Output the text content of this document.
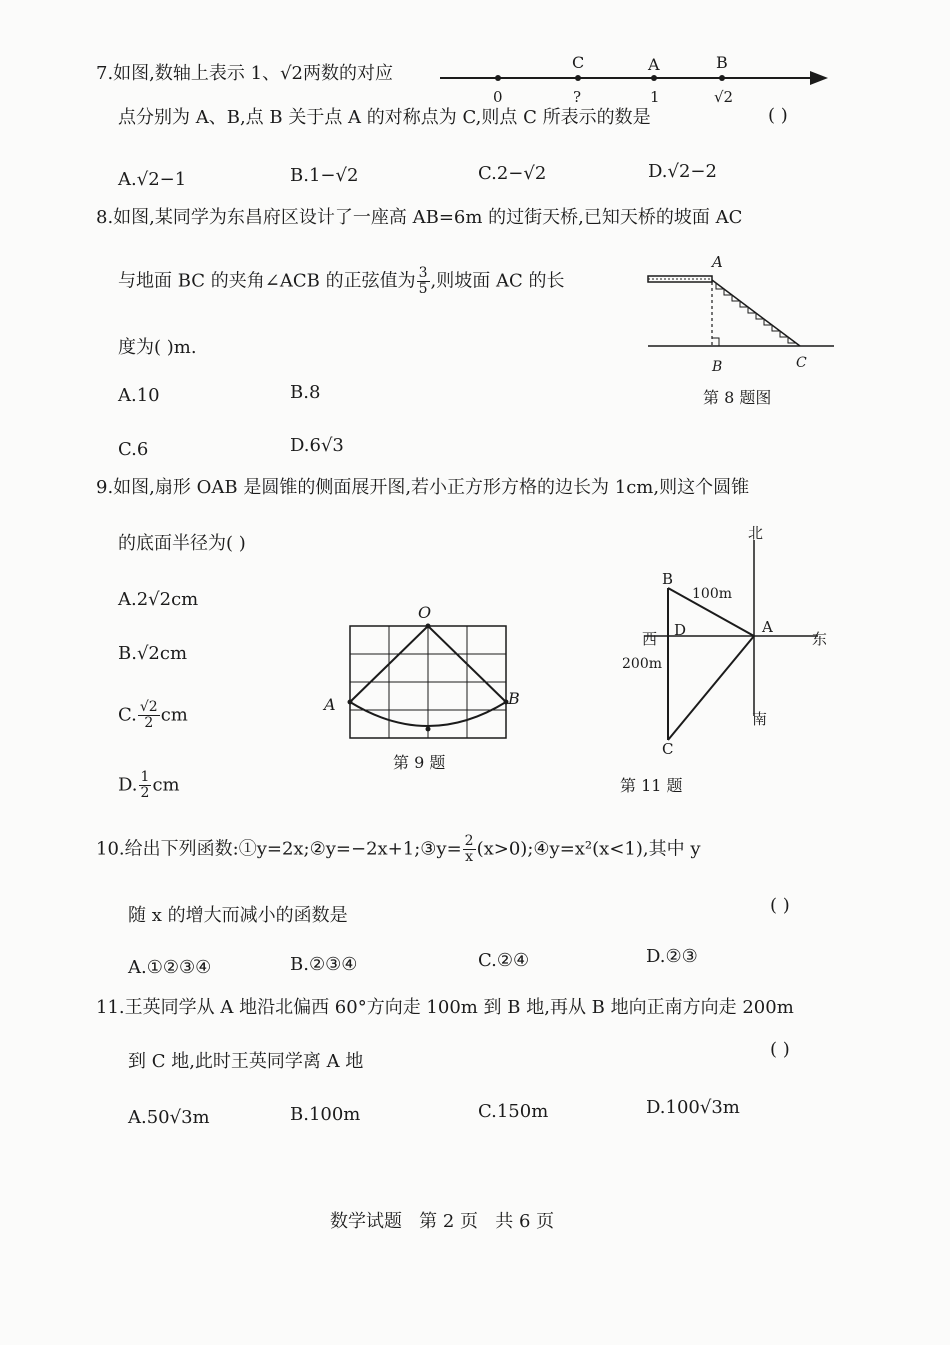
7.如图,数轴上表示 1、√2两数的对应
C	A	B
0	?	1	√2
点分别为 A、B,点 B 关于点 A 的对称点为 C,则点 C 所表示的数是	( )
A.√2−1	B.1−√2	C.2−√2	D.√2−2
8.如图,某同学为东昌府区设计了一座高 AB=6m 的过街天桥,已知天桥的坡面 AC
与地面 BC 的夹角∠ACB 的正弦值为 $\frac{3}{5}$ ,则坡面 AC 的长
度为( )m.
A.10	B.8
C.6	D.6√3
A
B	C
第 8 题图
9.如图,扇形 OAB 是圆锥的侧面展开图,若小正方形方格的边长为 1cm,则这个圆锥
的底面半径为( )
A.2√2cm
B.√2cm
C. $\frac{√2}{2}$ cm
D. $\frac{1}{2}$ cm
O
A	B
第 9 题
北
南
西	东
A
B
C
D
100m
200m
第 11 题
10.给出下列函数:①y=2x;②y=−2x+1;③y= $\frac{2}{x}$ (x>0);④y=x²(x<1),其中 y
随 x 的增大而减小的函数是	( )
A.①②③④	B.②③④	C.②④	D.②③
11.王英同学从 A 地沿北偏西 60°方向走 100m 到 B 地,再从 B 地向正南方向走 200m
到 C 地,此时王英同学离 A 地
( )
A.50√3m	B.100m	C.150m	D.100√3m
数学试题   第 2 页   共 6 页
